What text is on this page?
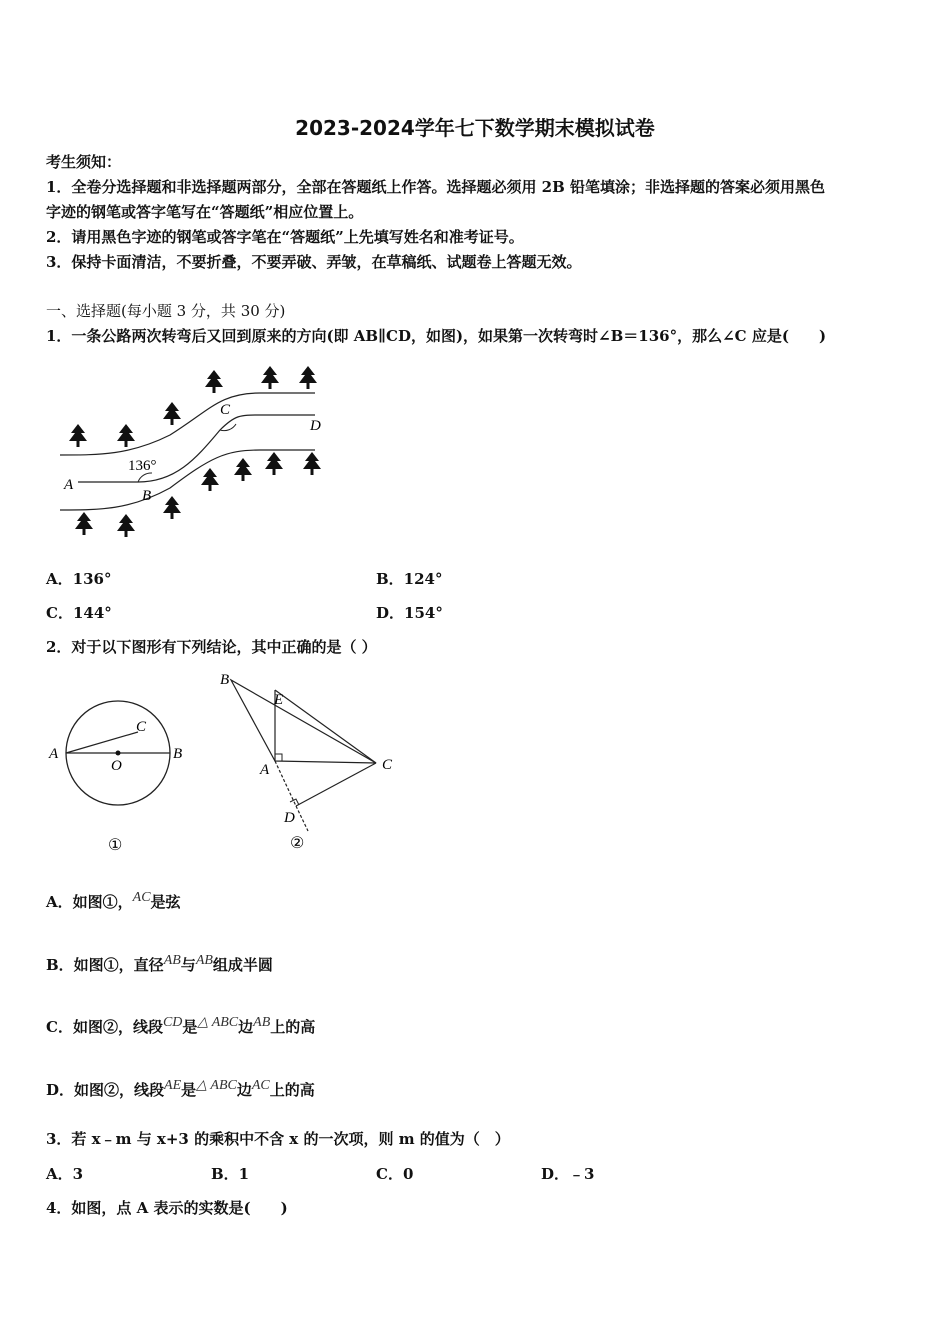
2023-2024学年七下数学期末模拟试卷
考生须知：
1．全卷分选择题和非选择题两部分，全部在答题纸上作答。选择题必须用 2B 铅笔填涂；非选择题的答案必须用黑色
字迹的钢笔或答字笔写在“答题纸”相应位置上。
2．请用黑色字迹的钢笔或答字笔在“答题纸”上先填写姓名和准考证号。
3．保持卡面清洁，不要折叠，不要弄破、弄皱，在草稿纸、试题卷上答题无效。
一、选择题(每小题 3 分，共 30 分)
1．一条公路两次转弯后又回到原来的方向(即 AB∥CD，如图)，如果第一次转弯时∠B＝136°，那么∠C 应是(　　)
136°
A
B
C
D
A．136°	B．124°
C．144°	D．154°
2．对于以下图形有下列结论，其中正确的是（ ）
A	B
C
O
①
B
E
A	C
D
②
A．如图①，AC是弦
B．如图①，直径AB与AB组成半圆
C．如图②，线段CD是△ ABC边AB上的高
D．如图②，线段AE是△ ABC边AC上的高
3．若 x﹣m 与 x+3 的乘积中不含 x 的一次项，则 m 的值为（　）
A．3	B．1	C．0	D．﹣3
4．如图，点 A 表示的实数是(　　)
